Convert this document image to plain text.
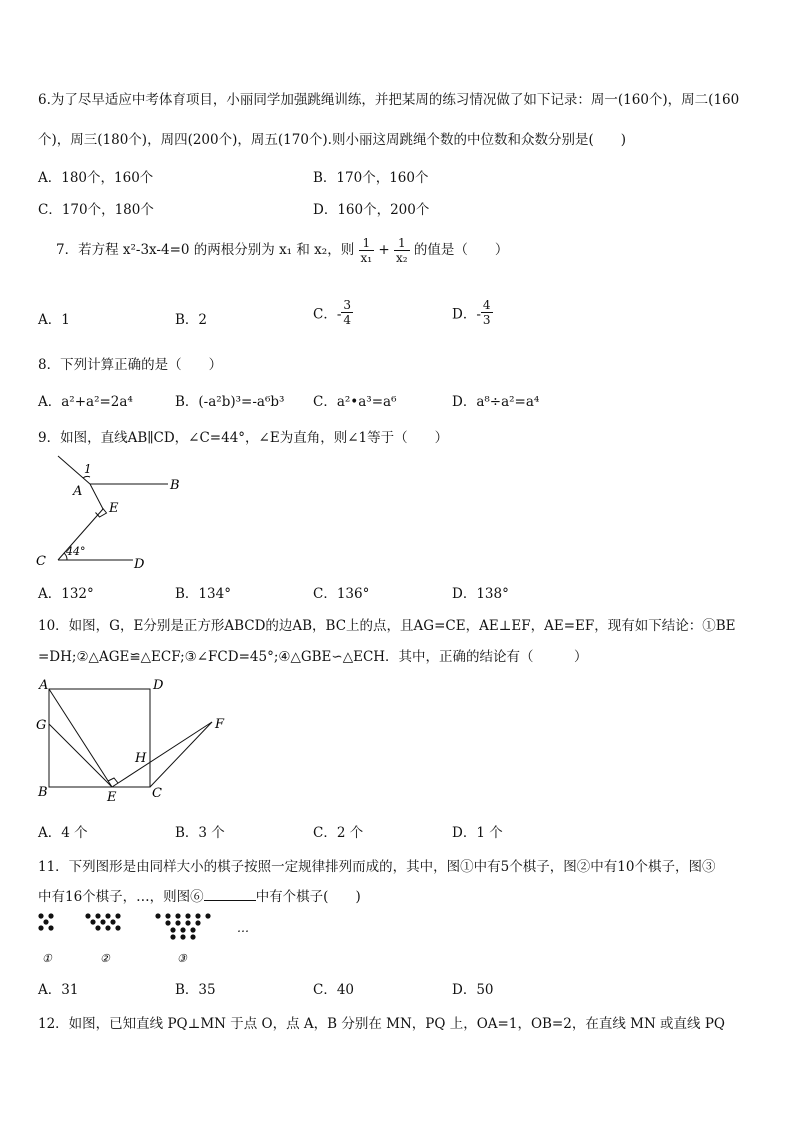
6.为了尽早适应中考体育项目，小丽同学加强跳绳训练，并把某周的练习情况做了如下记录：周一(160个)，周二(160
个)，周三(180个)，周四(200个)，周五(170个).则小丽这周跳绳个数的中位数和众数分别是(　　)
A．180个，160个	B．170个，160个
C．170个，180个	D．160个，200个
7．若方程 x²-3x-4=0 的两根分别为 x₁ 和 x₂，则 $\frac{1}{\text{x₁}} + \frac{1}{\text{x₂}}$ 的值是（　　）
A．1	B．2	C．- $\frac{3}{4}$	D．- $\frac{4}{3}$
8．下列计算正确的是（　　）
A．a²+a²=2a⁴	B．(-a²b)³=-a⁶b³ C．a²•a³=a⁶	D．a⁸÷a²=a⁴
9．如图，直线AB∥CD，∠C=44°，∠E为直角，则∠1等于（　　）
1
A	B
E
C	D
44°
A．132°	B．134°	C．136°	D．138°
10．如图，G，E分别是正方形ABCD的边AB，BC上的点，且AG=CE，AE⊥EF，AE=EF，现有如下结论：①BE
=DH;②△AGE≌△ECF;③∠FCD=45°;④△GBE∽△ECH．其中，正确的结论有（　　　）
A	D
G	F
H
B	E	C
A．4 个	B．3 个	C．2 个	D．1 个
11．下列图形是由同样大小的棋子按照一定规律排列而成的，其中，图①中有5个棋子，图②中有10个棋子，图③
中有16个棋子，…，则图⑥	中有个棋子(　　)
…
①	②	③
A．31	B．35	C．40	D．50
12．如图，已知直线 PQ⊥MN 于点 O，点 A，B 分别在 MN，PQ 上，OA=1，OB=2，在直线 MN 或直线 PQ
